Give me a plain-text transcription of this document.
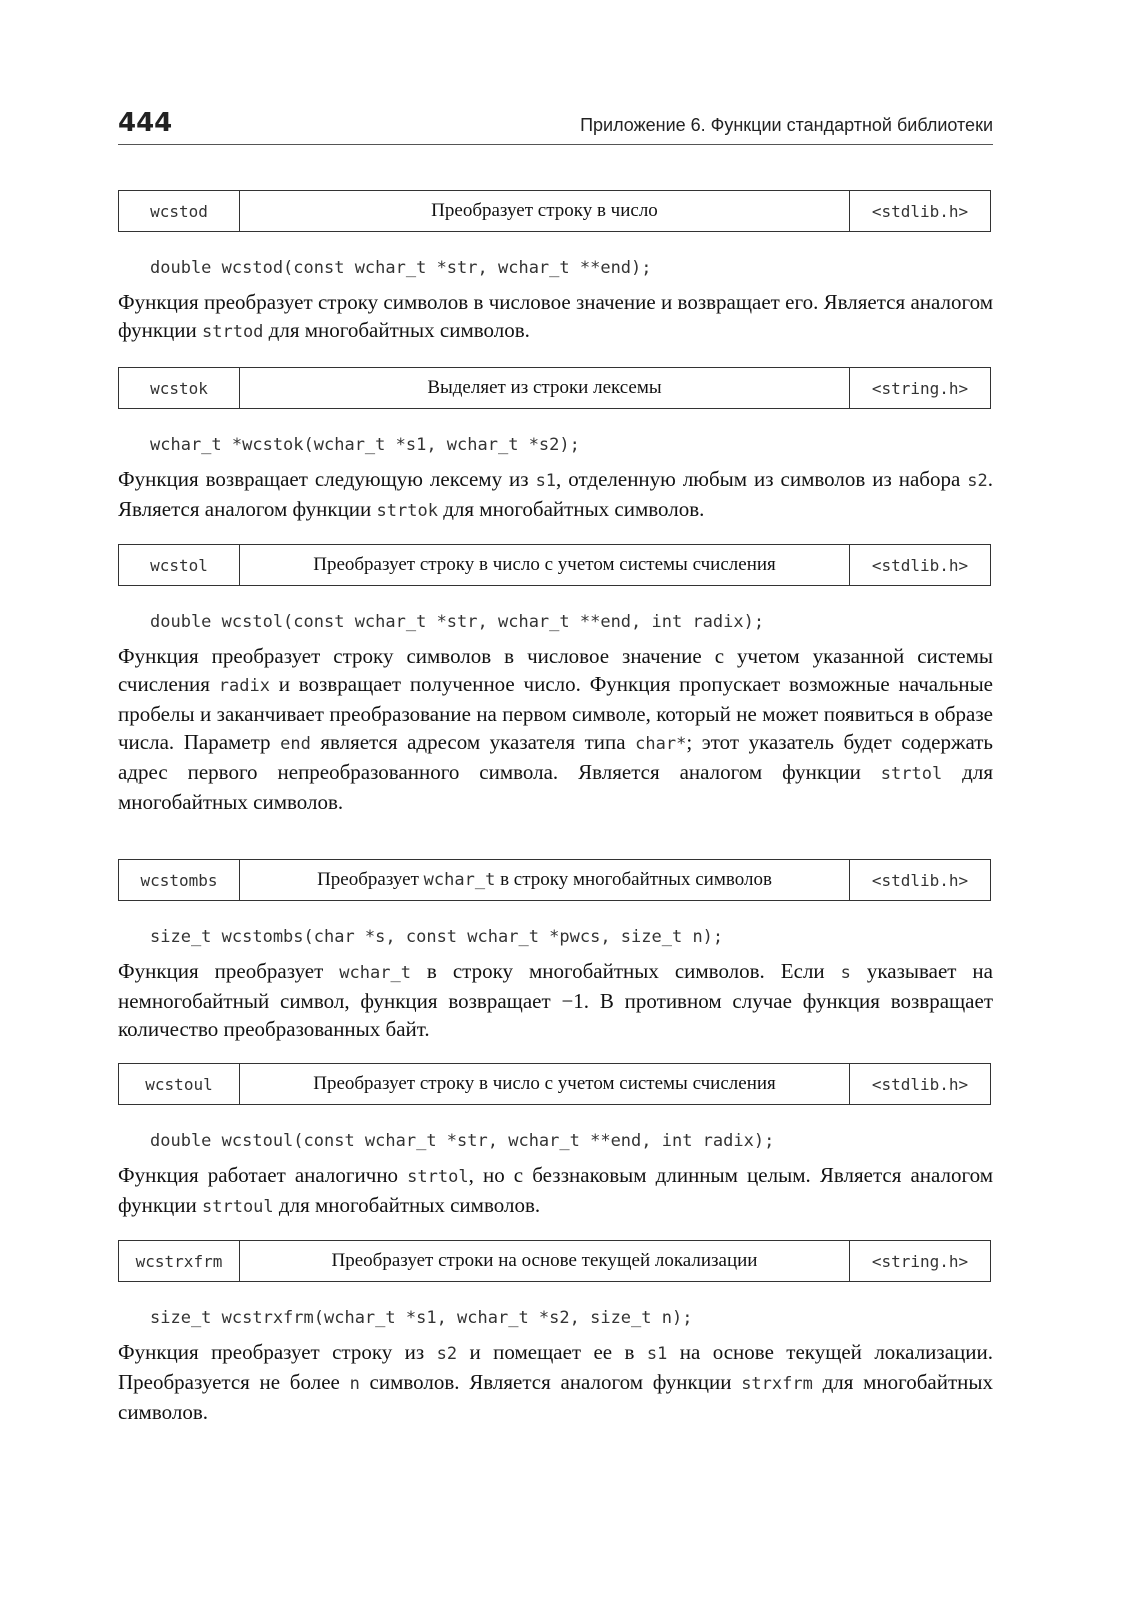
444	Приложение 6. Функции стандартной библиотеки
wcstod	Преобразует строку в число	<stdlib.h>
double wcstod(const wchar_t *str, wchar_t **end);
Функция преобразует строку символов в числовое значение и возвращает его. Является аналогом функции strtod для многобайтных символов.
wcstok	Выделяет из строки лексемы	<string.h>
wchar_t *wcstok(wchar_t *s1, wchar_t *s2);
Функция возвращает следующую лексему из s1, отделенную любым из символов из набора s2. Является аналогом функции strtok для многобайтных символов.
wcstol	Преобразует строку в число с учетом системы счисления	<stdlib.h>
double wcstol(const wchar_t *str, wchar_t **end, int radix);
Функция преобразует строку символов в числовое значение с учетом указанной системы счисления radix и возвращает полученное число. Функция пропускает возможные начальные пробелы и заканчивает преобразование на первом символе, который не может появиться в образе числа. Параметр end является адресом указателя типа char*; этот указатель будет содержать адрес первого непреобразованного символа. Является аналогом функции strtol для многобайтных символов.
wcstombs	Преобразует wchar_t в строку многобайтных символов	<stdlib.h>
size_t wcstombs(char *s, const wchar_t *pwcs, size_t n);
Функция преобразует wchar_t в строку многобайтных символов. Если s указывает на немногобайтный символ, функция возвращает −1. В противном случае функция возвращает количество преобразованных байт.
wcstoul	Преобразует строку в число с учетом системы счисления	<stdlib.h>
double wcstoul(const wchar_t *str, wchar_t **end, int radix);
Функция работает аналогично strtol, но с беззнаковым длинным целым. Является аналогом функции strtoul для многобайтных символов.
wcstrxfrm	Преобразует строки на основе текущей локализации	<string.h>
size_t wcstrxfrm(wchar_t *s1, wchar_t *s2, size_t n);
Функция преобразует строку из s2 и помещает ее в s1 на основе текущей локализации. Преобразуется не более n символов. Является аналогом функции strxfrm для многобайтных символов.
